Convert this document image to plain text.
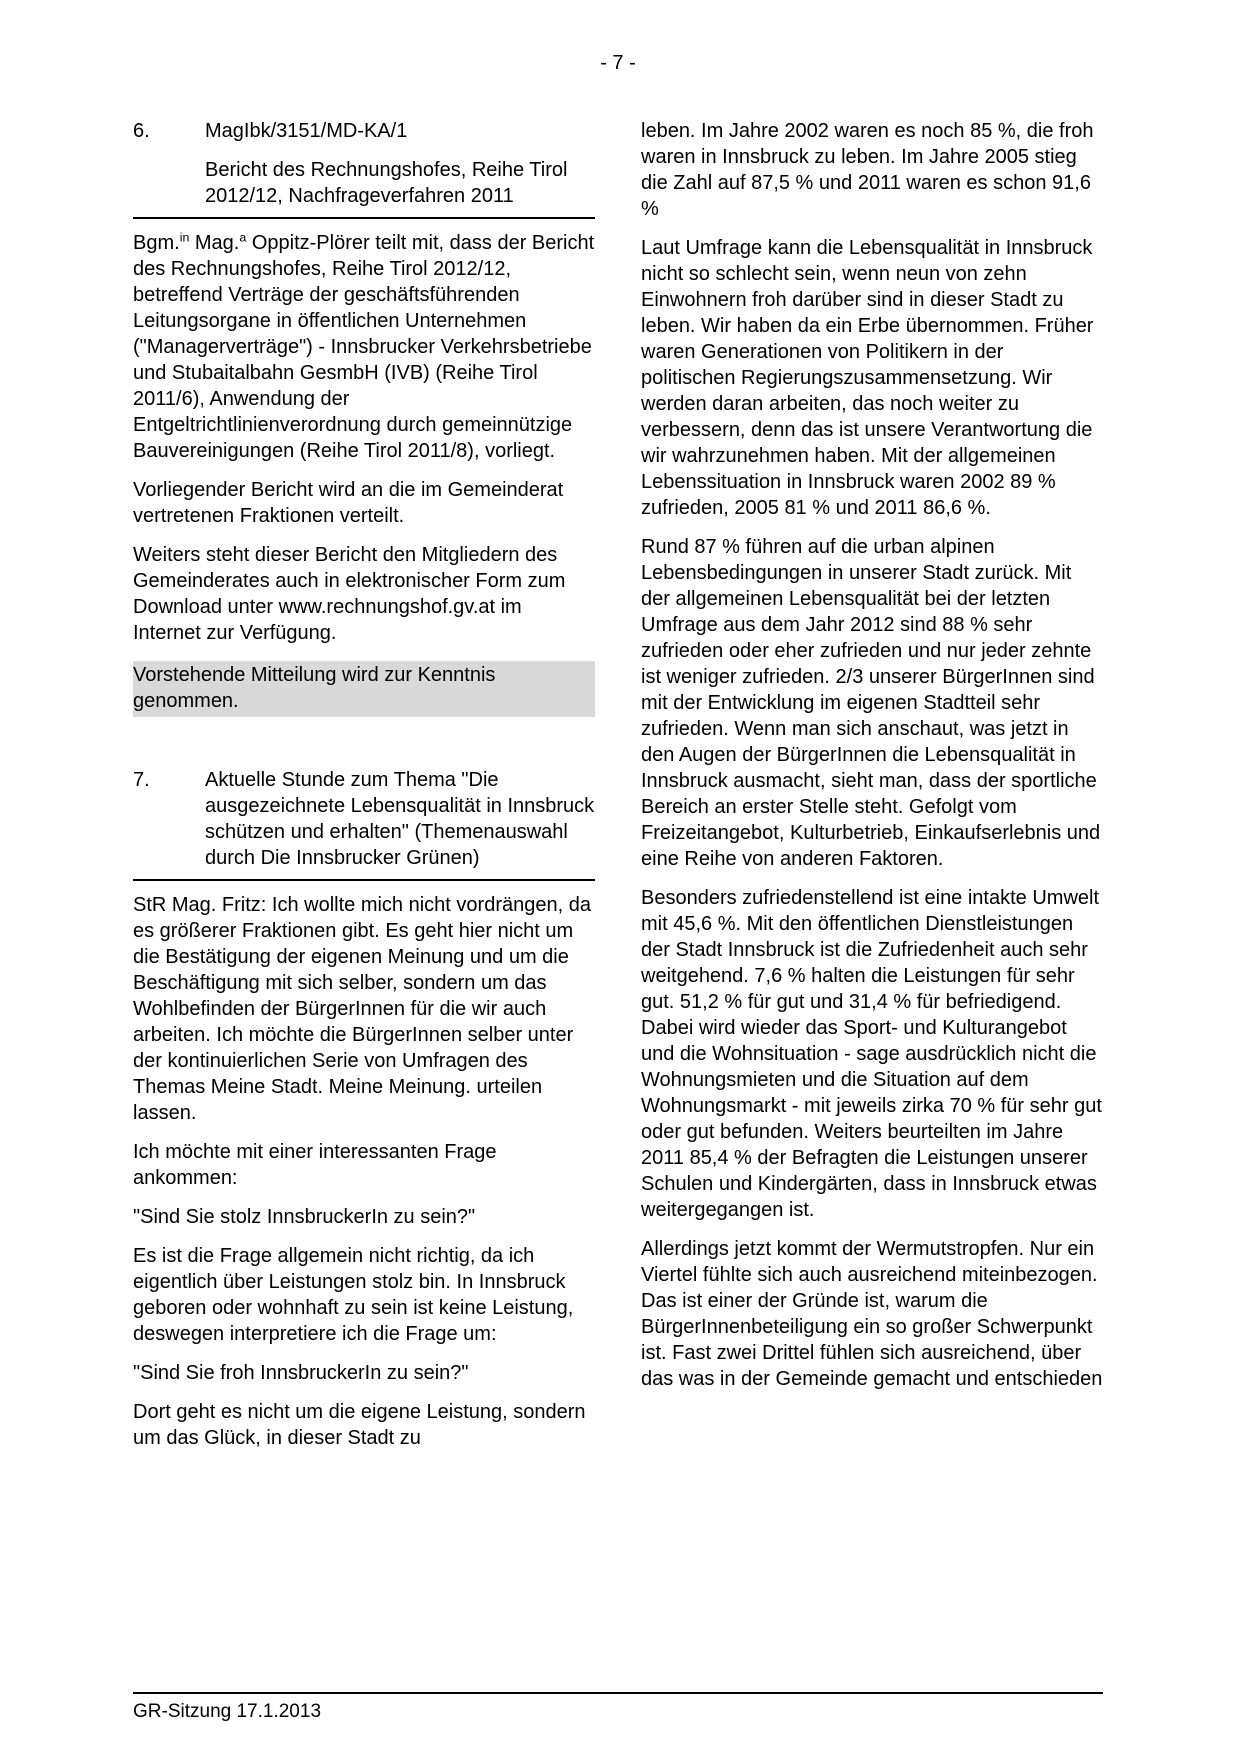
- 7 -
6.	MagIbk/3151/MD-KA/1
Bericht des Rechnungshofes, Reihe Tirol 2012/12, Nachfrageverfahren 2011

Bgm.$^{in}$ Mag.$^a$ Oppitz-Plörer teilt mit, dass der Bericht des Rechnungshofes, Reihe Tirol 2012/12, betreffend Verträge der geschäftsführenden Leitungsorgane in öffentlichen Unternehmen ("Managerverträge") - Innsbrucker Verkehrsbetriebe und Stubaitalbahn GesmbH (IVB) (Reihe Tirol 2011/6), Anwendung der Entgeltrichtlinienverordnung durch gemeinnützige Bauvereinigungen (Reihe Tirol 2011/8), vorliegt.

Vorliegender Bericht wird an die im Gemeinderat vertretenen Fraktionen verteilt.

Weiters steht dieser Bericht den Mitgliedern des Gemeinderates auch in elektronischer Form zum Download unter www.rechnungshof.gv.at im Internet zur Verfügung.

Vorstehende Mitteilung wird zur Kenntnis genommen.

7.	Aktuelle Stunde zum Thema "Die ausgezeichnete Lebensqualität in Innsbruck schützen und erhalten" (Themenauswahl durch Die Innsbrucker Grünen)

StR Mag. Fritz: Ich wollte mich nicht vordrängen, da es größerer Fraktionen gibt. Es geht hier nicht um die Bestätigung der eigenen Meinung und um die Beschäftigung mit sich selber, sondern um das Wohlbefinden der BürgerInnen für die wir auch arbeiten. Ich möchte die BürgerInnen selber unter der kontinuierlichen Serie von Umfragen des Themas Meine Stadt. Meine Meinung. urteilen lassen.

Ich möchte mit einer interessanten Frage ankommen:

"Sind Sie stolz InnsbruckerIn zu sein?"

Es ist die Frage allgemein nicht richtig, da ich eigentlich über Leistungen stolz bin. In Innsbruck geboren oder wohnhaft zu sein ist keine Leistung, deswegen interpretiere ich die Frage um:

"Sind Sie froh InnsbruckerIn zu sein?"

Dort geht es nicht um die eigene Leistung, sondern um das Glück, in dieser Stadt zu

leben. Im Jahre 2002 waren es noch 85 %, die froh waren in Innsbruck zu leben. Im Jahre 2005 stieg die Zahl auf 87,5 % und 2011 waren es schon 91,6 %

Laut Umfrage kann die Lebensqualität in Innsbruck nicht so schlecht sein, wenn neun von zehn Einwohnern froh darüber sind in dieser Stadt zu leben. Wir haben da ein Erbe übernommen. Früher waren Generationen von Politikern in der politischen Regierungszusammensetzung. Wir werden daran arbeiten, das noch weiter zu verbessern, denn das ist unsere Verantwortung die wir wahrzunehmen haben. Mit der allgemeinen Lebenssituation in Innsbruck waren 2002 89 % zufrieden, 2005 81 % und 2011 86,6 %.

Rund 87 % führen auf die urban alpinen Lebensbedingungen in unserer Stadt zurück. Mit der allgemeinen Lebensqualität bei der letzten Umfrage aus dem Jahr 2012 sind 88 % sehr zufrieden oder eher zufrieden und nur jeder zehnte ist weniger zufrieden. 2/3 unserer BürgerInnen sind mit der Entwicklung im eigenen Stadtteil sehr zufrieden. Wenn man sich anschaut, was jetzt in den Augen der BürgerInnen die Lebensqualität in Innsbruck ausmacht, sieht man, dass der sportliche Bereich an erster Stelle steht. Gefolgt vom Freizeitangebot, Kulturbetrieb, Einkaufserlebnis und eine Reihe von anderen Faktoren.

Besonders zufriedenstellend ist eine intakte Umwelt mit 45,6 %. Mit den öffentlichen Dienstleistungen der Stadt Innsbruck ist die Zufriedenheit auch sehr weitgehend. 7,6 % halten die Leistungen für sehr gut. 51,2 % für gut und 31,4 % für befriedigend. Dabei wird wieder das Sport- und Kulturangebot und die Wohnsituation - sage ausdrücklich nicht die Wohnungsmieten und die Situation auf dem Wohnungsmarkt - mit jeweils zirka 70 % für sehr gut oder gut befunden. Weiters beurteilten im Jahre 2011 85,4 % der Befragten die Leistungen unserer Schulen und Kindergärten, dass in Innsbruck etwas weitergegangen ist.

Allerdings jetzt kommt der Wermutstropfen. Nur ein Viertel fühlte sich auch ausreichend miteinbezogen. Das ist einer der Gründe ist, warum die BürgerInnenbeteiligung ein so großer Schwerpunkt ist. Fast zwei Drittel fühlen sich ausreichend, über das was in der Gemeinde gemacht und entschieden

GR-Sitzung 17.1.2013
